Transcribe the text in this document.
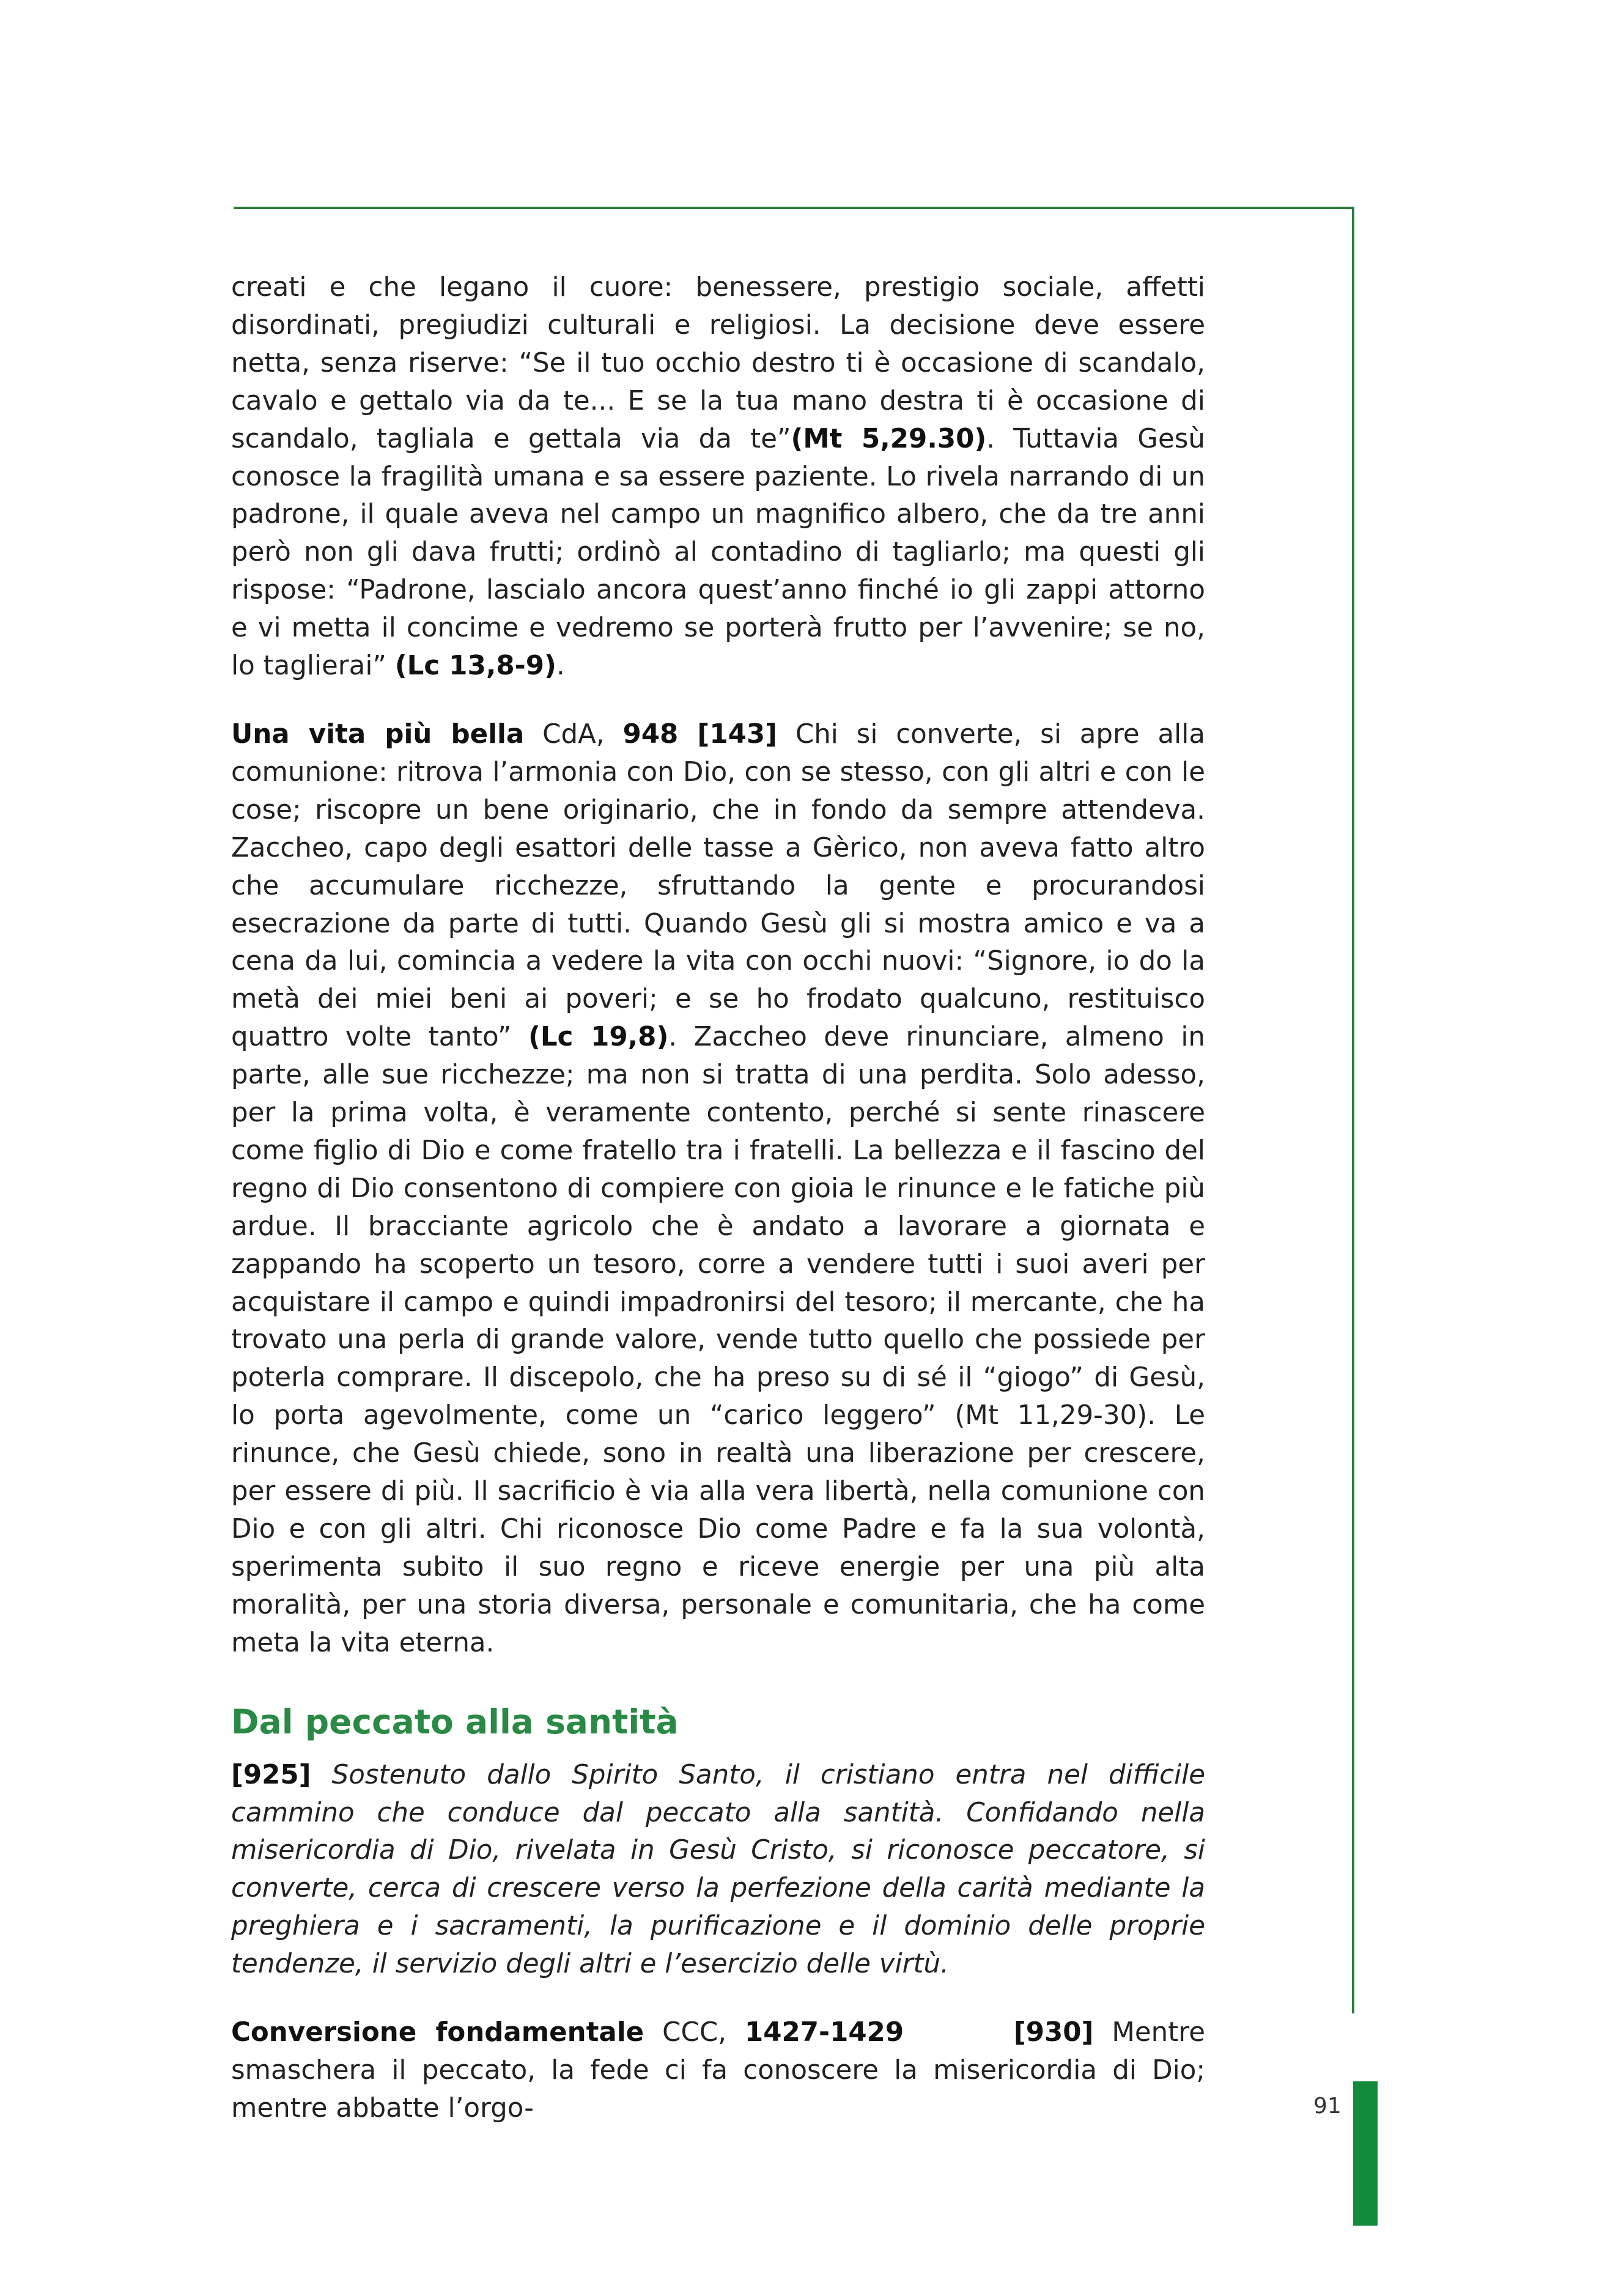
creati e che legano il cuore: benessere, prestigio sociale, affetti disordinati, pregiudizi culturali e religiosi. La decisione deve essere netta, senza riserve: “Se il tuo occhio destro ti è occasione di scandalo, cavalo e gettalo via da te... E se la tua mano destra ti è occasione di scandalo, tagliala e gettala via da te”(Mt 5,29.30). Tuttavia Gesù conosce la fragilità umana e sa essere paziente. Lo rivela narrando di un padrone, il quale aveva nel campo un magnifico albero, che da tre anni però non gli dava frutti; ordinò al contadino di tagliarlo; ma questi gli rispose: “Padrone, lascialo ancora quest’anno finché io gli zappi attorno e vi metta il concime e vedremo se porterà frutto per l’avvenire; se no, lo taglierai” (Lc 13,8-9).

Una vita più bella CdA, 948 [143] Chi si converte, si apre alla comunione: ritrova l’armonia con Dio, con se stesso, con gli altri e con le cose; riscopre un bene originario, che in fondo da sempre attendeva. Zaccheo, capo degli esattori delle tasse a Gèrico, non aveva fatto altro che accumulare ricchezze, sfruttando la gente e procurandosi esecrazione da parte di tutti. Quando Gesù gli si mostra amico e va a cena da lui, comincia a vedere la vita con occhi nuovi: “Signore, io do la metà dei miei beni ai poveri; e se ho frodato qualcuno, restituisco quattro volte tanto” (Lc 19,8). Zaccheo deve rinunciare, almeno in parte, alle sue ricchezze; ma non si tratta di una perdita. Solo adesso, per la prima volta, è veramente contento, perché si sente rinascere come figlio di Dio e come fratello tra i fratelli. La bellezza e il fascino del regno di Dio consentono di compiere con gioia le rinunce e le fatiche più ardue. Il bracciante agricolo che è andato a lavorare a giornata e zappando ha scoperto un tesoro, corre a vendere tutti i suoi averi per acquistare il campo e quindi impadronirsi del tesoro; il mercante, che ha trovato una perla di grande valore, vende tutto quello che possiede per poterla comprare. Il discepolo, che ha preso su di sé il “giogo” di Gesù, lo porta agevolmente, come un “carico leggero” (Mt 11,29-30). Le rinunce, che Gesù chiede, sono in realtà una liberazione per crescere, per essere di più. Il sacrificio è via alla vera libertà, nella comunione con Dio e con gli altri. Chi riconosce Dio come Padre e fa la sua volontà, sperimenta subito il suo regno e riceve energie per una più alta moralità, per una storia diversa, personale e comunitaria, che ha come meta la vita eterna.

Dal peccato alla santità

[925] Sostenuto dallo Spirito Santo, il cristiano entra nel difficile cammino che conduce dal peccato alla santità. Confidando nella misericordia di Dio, rivelata in Gesù Cristo, si riconosce peccatore, si converte, cerca di crescere verso la perfezione della carità mediante la preghiera e i sacramenti, la purificazione e il dominio delle proprie tendenze, il servizio degli altri e l’esercizio delle virtù.

Conversione fondamentale CCC, 1427-1429	[930] Mentre smaschera il peccato, la fede ci fa conoscere la misericordia di Dio; mentre abbatte l’orgo-	91
